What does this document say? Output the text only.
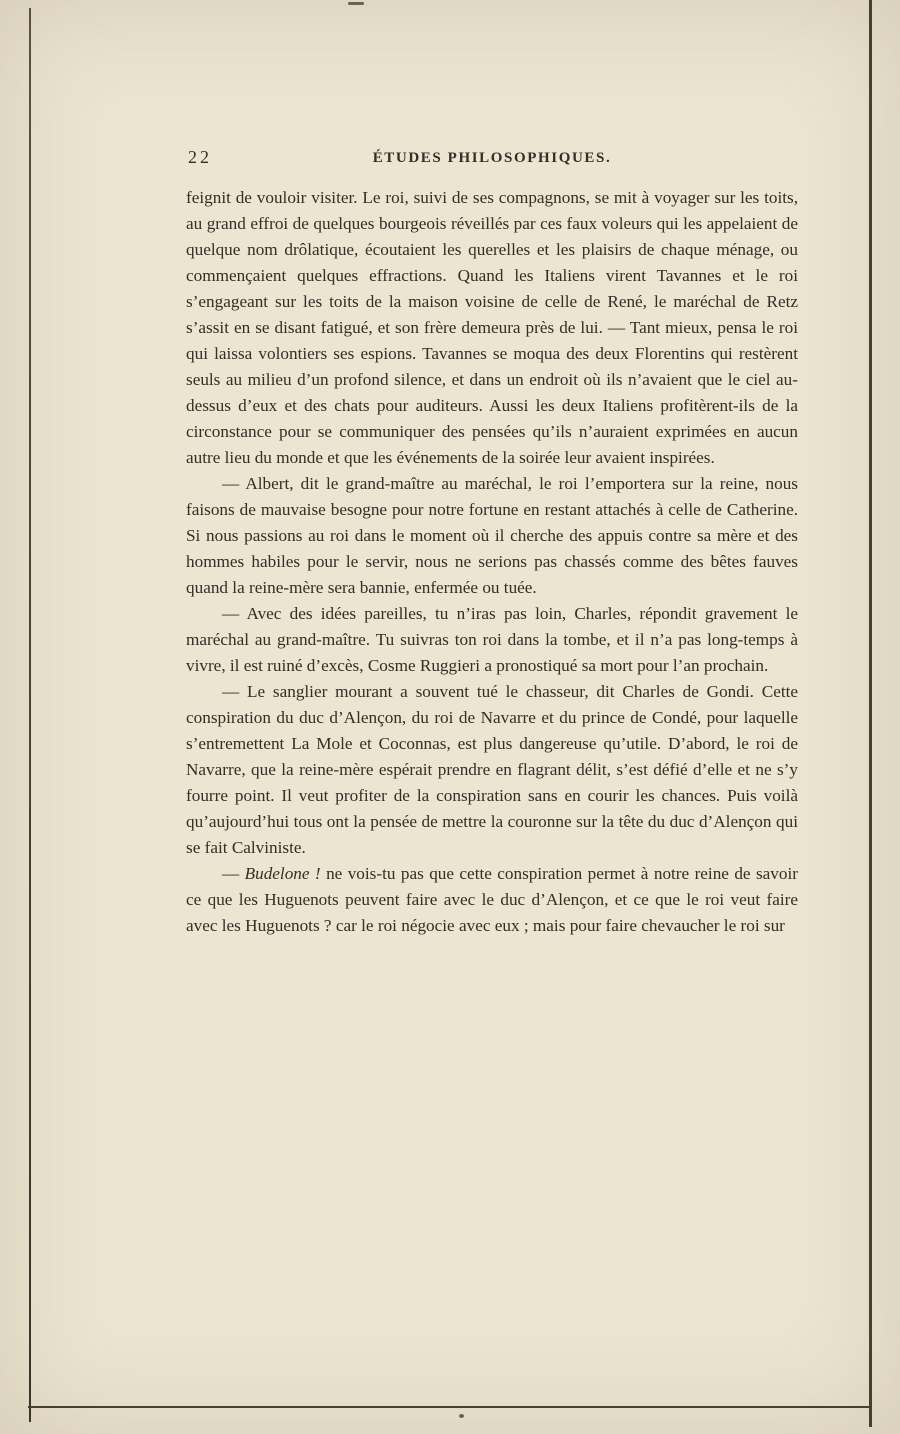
22	ÉTUDES PHILOSOPHIQUES.

feignit de vouloir visiter. Le roi, suivi de ses compagnons, se mit à voyager sur les toits, au grand effroi de quelques bourgeois réveillés par ces faux voleurs qui les appelaient de quelque nom drôlatique, écoutaient les querelles et les plaisirs de chaque ménage, ou commençaient quelques effractions. Quand les Italiens virent Tavannes et le roi s’engageant sur les toits de la maison voisine de celle de René, le maréchal de Retz s’assit en se disant fatigué, et son frère demeura près de lui. — Tant mieux, pensa le roi qui laissa volontiers ses espions. Tavannes se moqua des deux Florentins qui restèrent seuls au milieu d’un profond silence, et dans un endroit où ils n’avaient que le ciel au-dessus d’eux et des chats pour auditeurs. Aussi les deux Italiens profitèrent-ils de la circonstance pour se communiquer des pensées qu’ils n’auraient exprimées en aucun autre lieu du monde et que les événements de la soirée leur avaient inspirées.

— Albert, dit le grand-maître au maréchal, le roi l’emportera sur la reine, nous faisons de mauvaise besogne pour notre fortune en restant attachés à celle de Catherine. Si nous passions au roi dans le moment où il cherche des appuis contre sa mère et des hommes habiles pour le servir, nous ne serions pas chassés comme des bêtes fauves quand la reine-mère sera bannie, enfermée ou tuée.

— Avec des idées pareilles, tu n’iras pas loin, Charles, répondit gravement le maréchal au grand-maître. Tu suivras ton roi dans la tombe, et il n’a pas long-temps à vivre, il est ruiné d’excès, Cosme Ruggieri a pronostiqué sa mort pour l’an prochain.

— Le sanglier mourant a souvent tué le chasseur, dit Charles de Gondi. Cette conspiration du duc d’Alençon, du roi de Navarre et du prince de Condé, pour laquelle s’entremettent La Mole et Coconnas, est plus dangereuse qu’utile. D’abord, le roi de Navarre, que la reine-mère espérait prendre en flagrant délit, s’est défié d’elle et ne s’y fourre point. Il veut profiter de la conspiration sans en courir les chances. Puis voilà qu’aujourd’hui tous ont la pensée de mettre la couronne sur la tête du duc d’Alençon qui se fait Calviniste.

— Budelone ! ne vois-tu pas que cette conspiration permet à notre reine de savoir ce que les Huguenots peuvent faire avec le duc d’Alençon, et ce que le roi veut faire avec les Huguenots ? car le roi négocie avec eux ; mais pour faire chevaucher le roi sur
